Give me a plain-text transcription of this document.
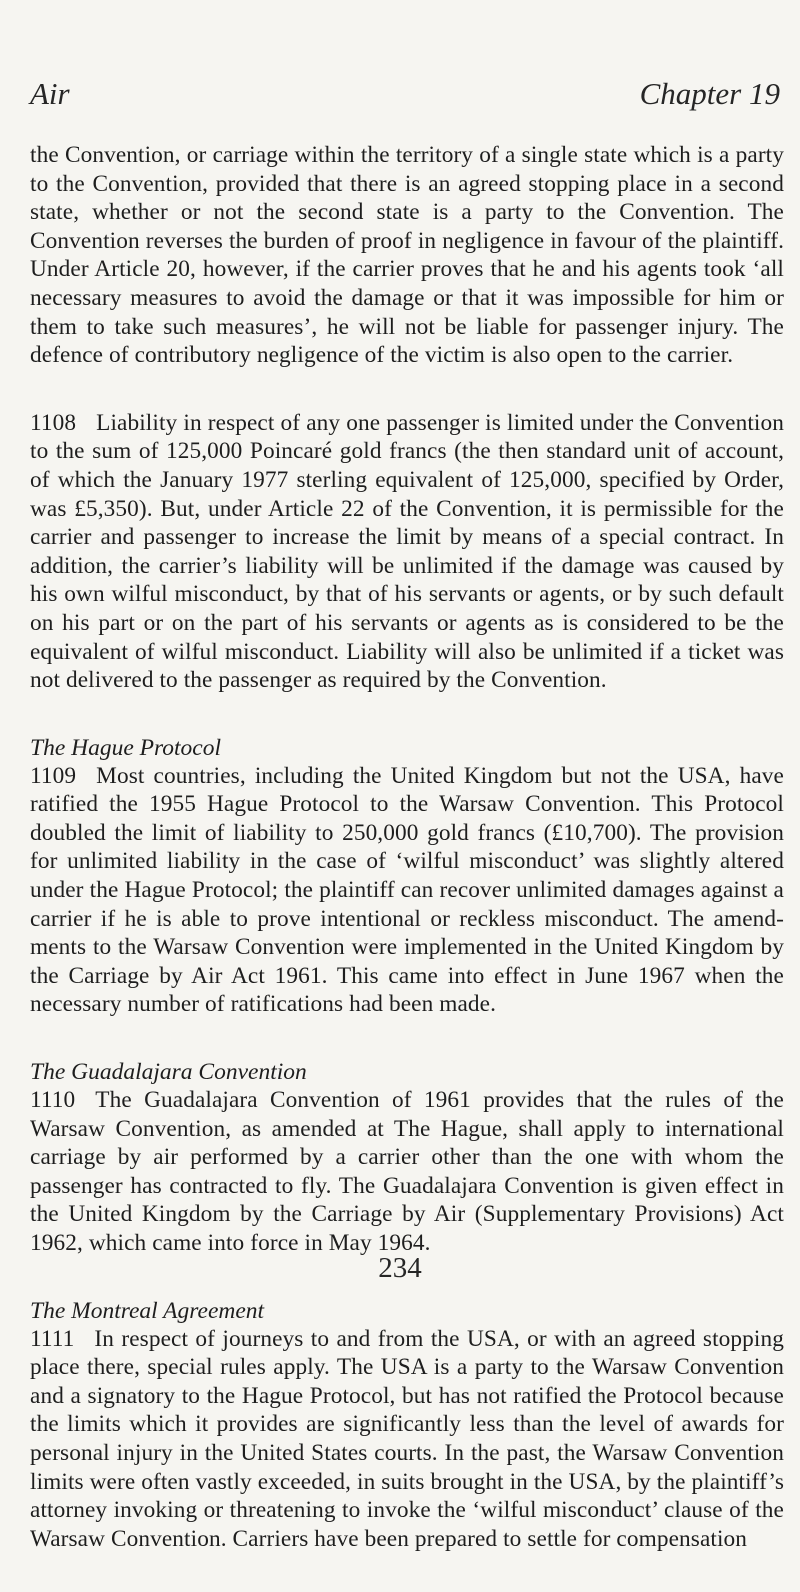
Air	Chapter 19

the Convention, or carriage within the territory of a single state which is a party to the Convention, provided that there is an agreed stopping place in a second state, whether or not the second state is a party to the Convention. The Convention reverses the burden of proof in negligence in favour of the plaintiff. Under Article 20, however, if the carrier proves that he and his agents took ‘all necessary measures to avoid the damage or that it was impossible for him or them to take such measures’, he will not be liable for passenger injury. The defence of contributory negligence of the victim is also open to the carrier.

1108 Liability in respect of any one passenger is limited under the Convention to the sum of 125,000 Poincaré gold francs (the then standard unit of account, of which the January 1977 sterling equivalent of 125,000, specified by Order, was £5,350). But, under Article 22 of the Convention, it is permissible for the carrier and passenger to increase the limit by means of a special contract. In addition, the carrier’s liability will be unlimited if the damage was caused by his own wilful misconduct, by that of his servants or agents, or by such default on his part or on the part of his servants or agents as is considered to be the equivalent of wilful misconduct. Liability will also be unlimited if a ticket was not delivered to the passenger as required by the Convention.

The Hague Protocol

1109 Most countries, including the United Kingdom but not the USA, have ratified the 1955 Hague Protocol to the Warsaw Convention. This Protocol doubled the limit of liability to 250,000 gold francs (£10,700). The provision for unlimited liability in the case of ‘wilful misconduct’ was slightly altered under the Hague Protocol; the plaintiff can recover unlimited damages against a carrier if he is able to prove intentional or reckless misconduct. The amend-ments to the Warsaw Convention were implemented in the United Kingdom by the Carriage by Air Act 1961. This came into effect in June 1967 when the necessary number of ratifications had been made.

The Guadalajara Convention

1110 The Guadalajara Convention of 1961 provides that the rules of the Warsaw Convention, as amended at The Hague, shall apply to international carriage by air performed by a carrier other than the one with whom the passenger has contracted to fly. The Guadalajara Convention is given effect in the United Kingdom by the Carriage by Air (Supplementary Provisions) Act 1962, which came into force in May 1964.

The Montreal Agreement

1111 In respect of journeys to and from the USA, or with an agreed stopping place there, special rules apply. The USA is a party to the Warsaw Convention and a signatory to the Hague Protocol, but has not ratified the Protocol because the limits which it provides are significantly less than the level of awards for personal injury in the United States courts. In the past, the Warsaw Convention limits were often vastly exceeded, in suits brought in the USA, by the plaintiff’s attorney invoking or threatening to invoke the ‘wilful misconduct’ clause of the Warsaw Convention. Carriers have been prepared to settle for compensation

234
